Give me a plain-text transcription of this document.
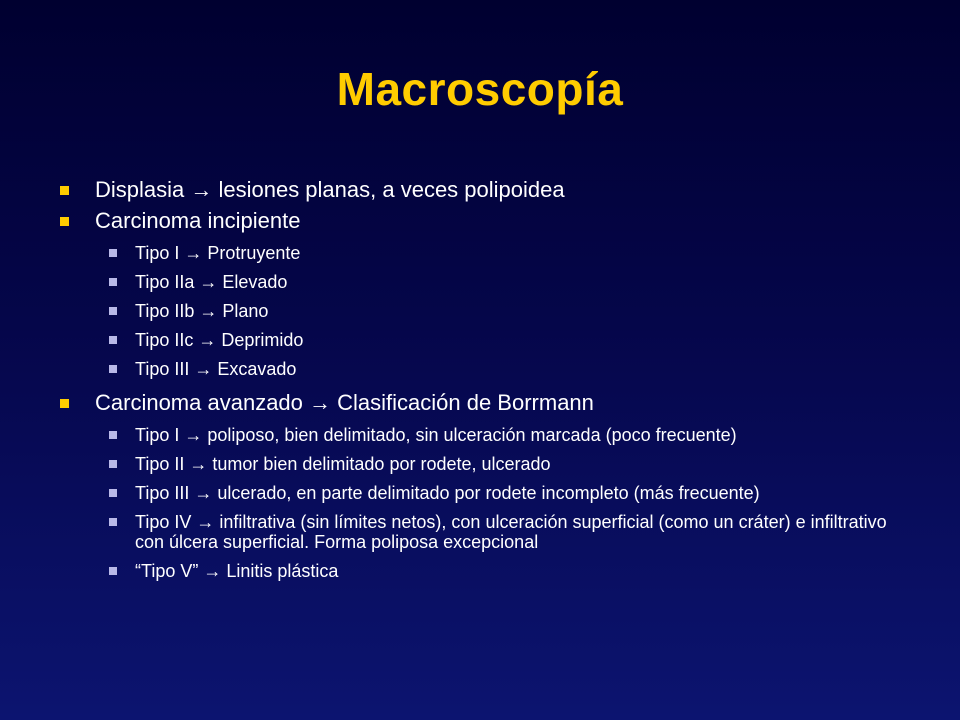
Macroscopía
Displasia → lesiones planas, a veces polipoidea
Carcinoma incipiente
Tipo I → Protruyente
Tipo IIa → Elevado
Tipo IIb → Plano
Tipo IIc → Deprimido
Tipo III → Excavado
Carcinoma avanzado → Clasificación de Borrmann
Tipo I → poliposo, bien delimitado, sin ulceración marcada (poco frecuente)
Tipo II → tumor bien delimitado por rodete, ulcerado
Tipo III → ulcerado, en parte delimitado por rodete incompleto (más frecuente)
Tipo IV → infiltrativa (sin límites netos), con ulceración superficial (como un cráter) e infiltrativo con úlcera superficial. Forma poliposa excepcional
“Tipo V” → Linitis plástica
